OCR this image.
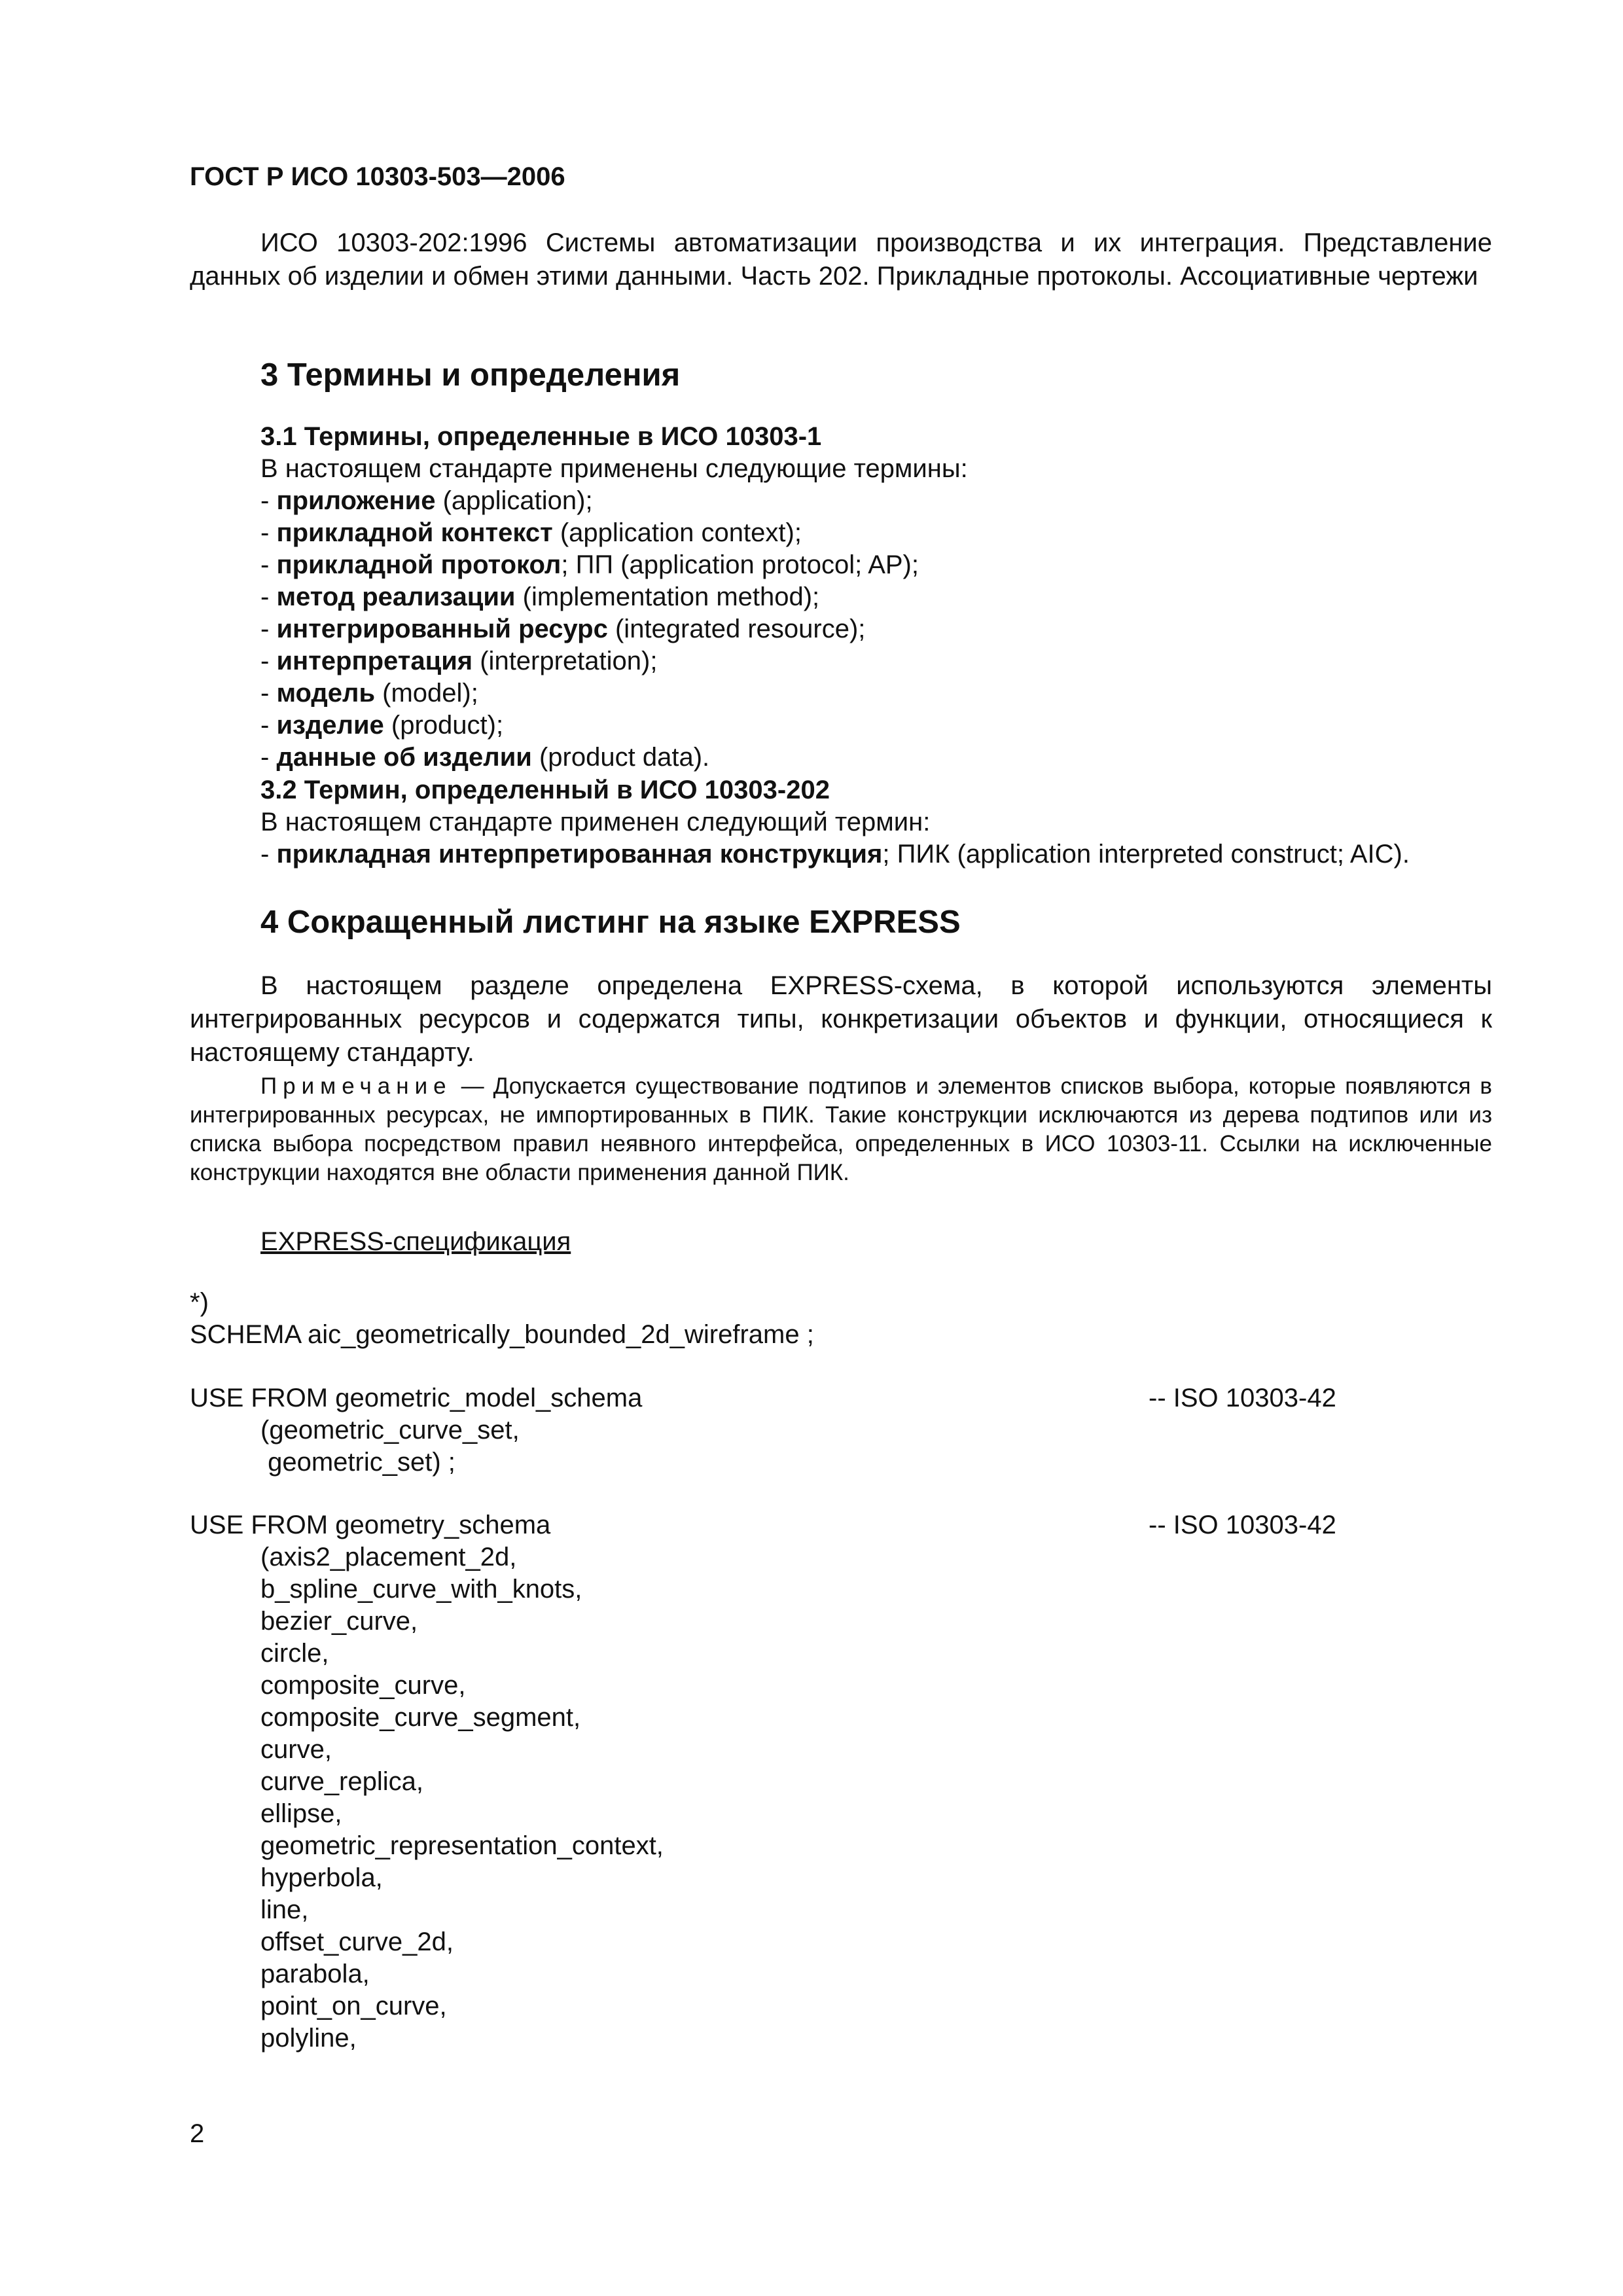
ГОСТ Р ИСО 10303-503—2006

ИСО 10303-202:1996 Системы автоматизации производства и их интеграция. Представление данных об изделии и обмен этими данными. Часть 202. Прикладные протоколы. Ассоциативные чертежи

3 Термины и определения
3.1 Термины, определенные в ИСО 10303-1
В настоящем стандарте применены следующие термины:
- приложение (application);
- прикладной контекст (application context);
- прикладной протокол; ПП (application protocol; AP);
- метод реализации (implementation method);
- интегрированный ресурс (integrated resource);
- интерпретация (interpretation);
- модель (model);
- изделие (product);
- данные об изделии (product data).
3.2 Термин, определенный в ИСО 10303-202
В настоящем стандарте применен следующий термин:
- прикладная интерпретированная конструкция; ПИК (application interpreted construct; AIC).
4 Сокращенный листинг на языке EXPRESS

В настоящем разделе определена EXPRESS-схема, в которой используются элементы интегрированных ресурсов и содержатся типы, конкретизации объектов и функции, относящиеся к настоящему стандарту.

Примечание — Допускается существование подтипов и элементов списков выбора, которые появляются в интегрированных ресурсах, не импортированных в ПИК. Такие конструкции исключаются из дерева подтипов или из списка выбора посредством правил неявного интерфейса, определенных в ИСО 10303-11. Ссылки на исключенные конструкции находятся вне области применения данной ПИК.

EXPRESS-спецификация
*)
SCHEMA aic_geometrically_bounded_2d_wireframe ;
USE FROM geometric_model_schema	-- ISO 10303-42
(geometric_curve_set,
geometric_set) ;
USE FROM geometry_schema	-- ISO 10303-42
(axis2_placement_2d,
b_spline_curve_with_knots,
bezier_curve,
circle,
composite_curve,
composite_curve_segment,
curve,
curve_replica,
ellipse,
geometric_representation_context,
hyperbola,
line,
offset_curve_2d,
parabola,
point_on_curve,
polyline,
2
